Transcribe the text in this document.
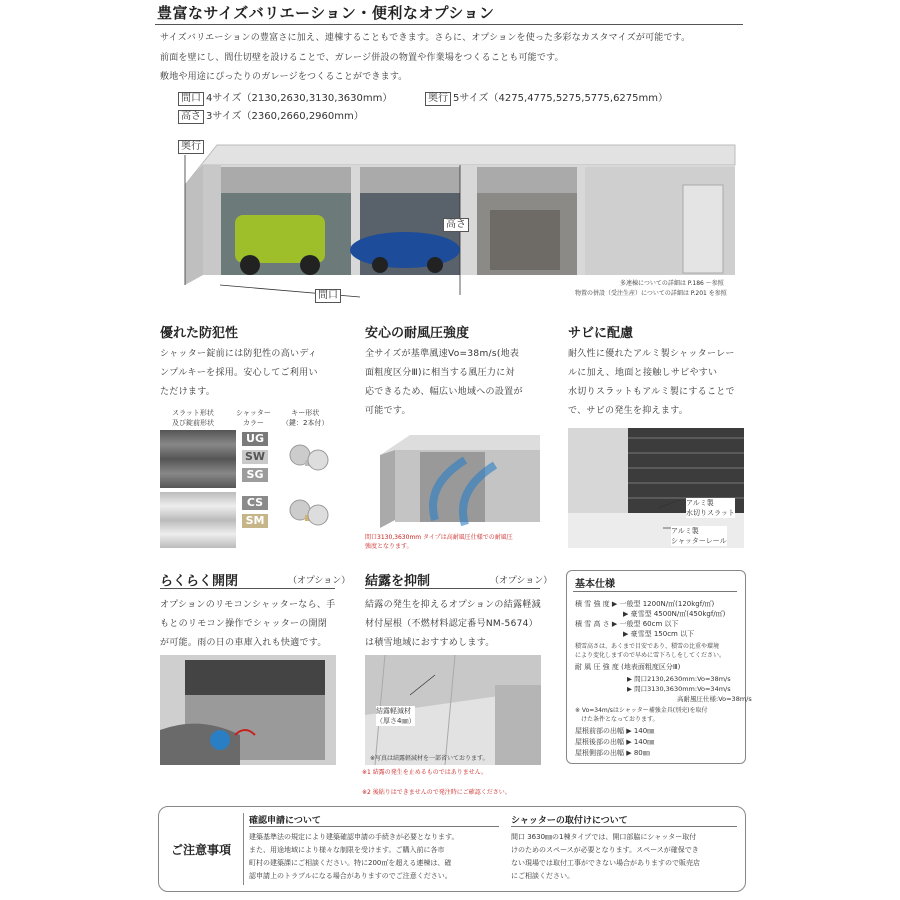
豊富なサイズバリエーション・便利なオプション
サイズバリエーションの豊富さに加え、連棟することもできます。さらに、オプションを使った多彩なカスタマイズが可能です。
前面を壁にし、間仕切壁を設けることで、ガレージ併設の物置や作業場をつくることも可能です。
敷地や用途にぴったりのガレージをつくることができます。
間口 4サイズ（2130,2630,3130,3630mm）	奥行 5サイズ（4275,4775,5275,5775,6275mm）
高さ 3サイズ（2360,2660,2960mm）
奥行
高さ
間口
多連棟についての詳細は P.186 〜参照
物置の併設（受注生産）についての詳細は P.201 を参照
優れた防犯性
シャッター錠前には防犯性の高いディ
ンプルキーを採用。安心してご利用い
ただけます。
スラット形状
及び錠前形状
シャッター
カラー
キー形状
（鍵：2本付）
UG
SW
SG
CS
SM
安心の耐風圧強度
全サイズが基準風速Vo=38m/s(地表
面粗度区分Ⅲ)に相当する風圧力に対
応できるため、幅広い地域への設置が
可能です。
間口3130,3630mm タイプは高耐風圧仕様での耐風圧
強度となります。
サビに配慮
耐久性に優れたアルミ製シャッターレー
ルに加え、地面と接触しサビやすい
水切りスラットもアルミ製にすることで
で、サビの発生を抑えます。
アルミ製
水切りスラット
アルミ製
シャッターレール
らくらく開閉	（オプション）
オプションのリモコンシャッターなら、手
もとのリモコン操作でシャッターの開閉
が可能。雨の日の車庫入れも快適です。
結露を抑制	（オプション）
結露の発生を抑えるオプションの結露軽減
材付屋根（不燃材料認定番号NM-5674）
は積雪地域におすすめします。
結露軽減材
（厚さ4㎜）
※写真は結露軽減材を一部省いております。
※1 結露の発生を止めるものではありません。
※2 後貼りはできませんので発注時にご確認ください。
基本仕様
積 雪 強 度 ▶ 一般型 1200N/㎡(120kgf/㎡)
▶ 豪雪型 4500N/㎡(450kgf/㎡)
積 雪 高 さ ▶ 一般型 60cm 以下
▶ 豪雪型 150cm 以下
積雪高さは、あくまで目安であり、積雪の比重や環境
により変化しますので早めに雪下ろしをしてください。
耐 風 圧 強 度 (地表面粗度区分Ⅲ)
▶ 間口2130,2630mm:Vo=38m/s
▶ 間口3130,3630mm:Vo=34m/s
高耐風圧仕様:Vo=38m/s
※ Vo=34m/sはシャッター補強金具(別売)を取付
けた条件となっております。
屋根前部の出幅 ▶ 140㎜
屋根後部の出幅 ▶ 140㎜
屋根側部の出幅 ▶ 80㎜
ご注意事項
確認申請について
建築基準法の規定により建築確認申請の手続きが必要となります。
また、用途地域により様々な制限を受けます。ご購入前に各市
町村の建築課にご相談ください。特に200㎡を超える連棟は、確
認申請上のトラブルになる場合がありますのでご注意ください。
シャッターの取付けについて
間口 3630㎜の1棟タイプでは、開口部脇にシャッター取付
けのためのスペースが必要となります。スペースが確保でき
ない現場では取付工事ができない場合がありますので販売店
にご相談ください。
